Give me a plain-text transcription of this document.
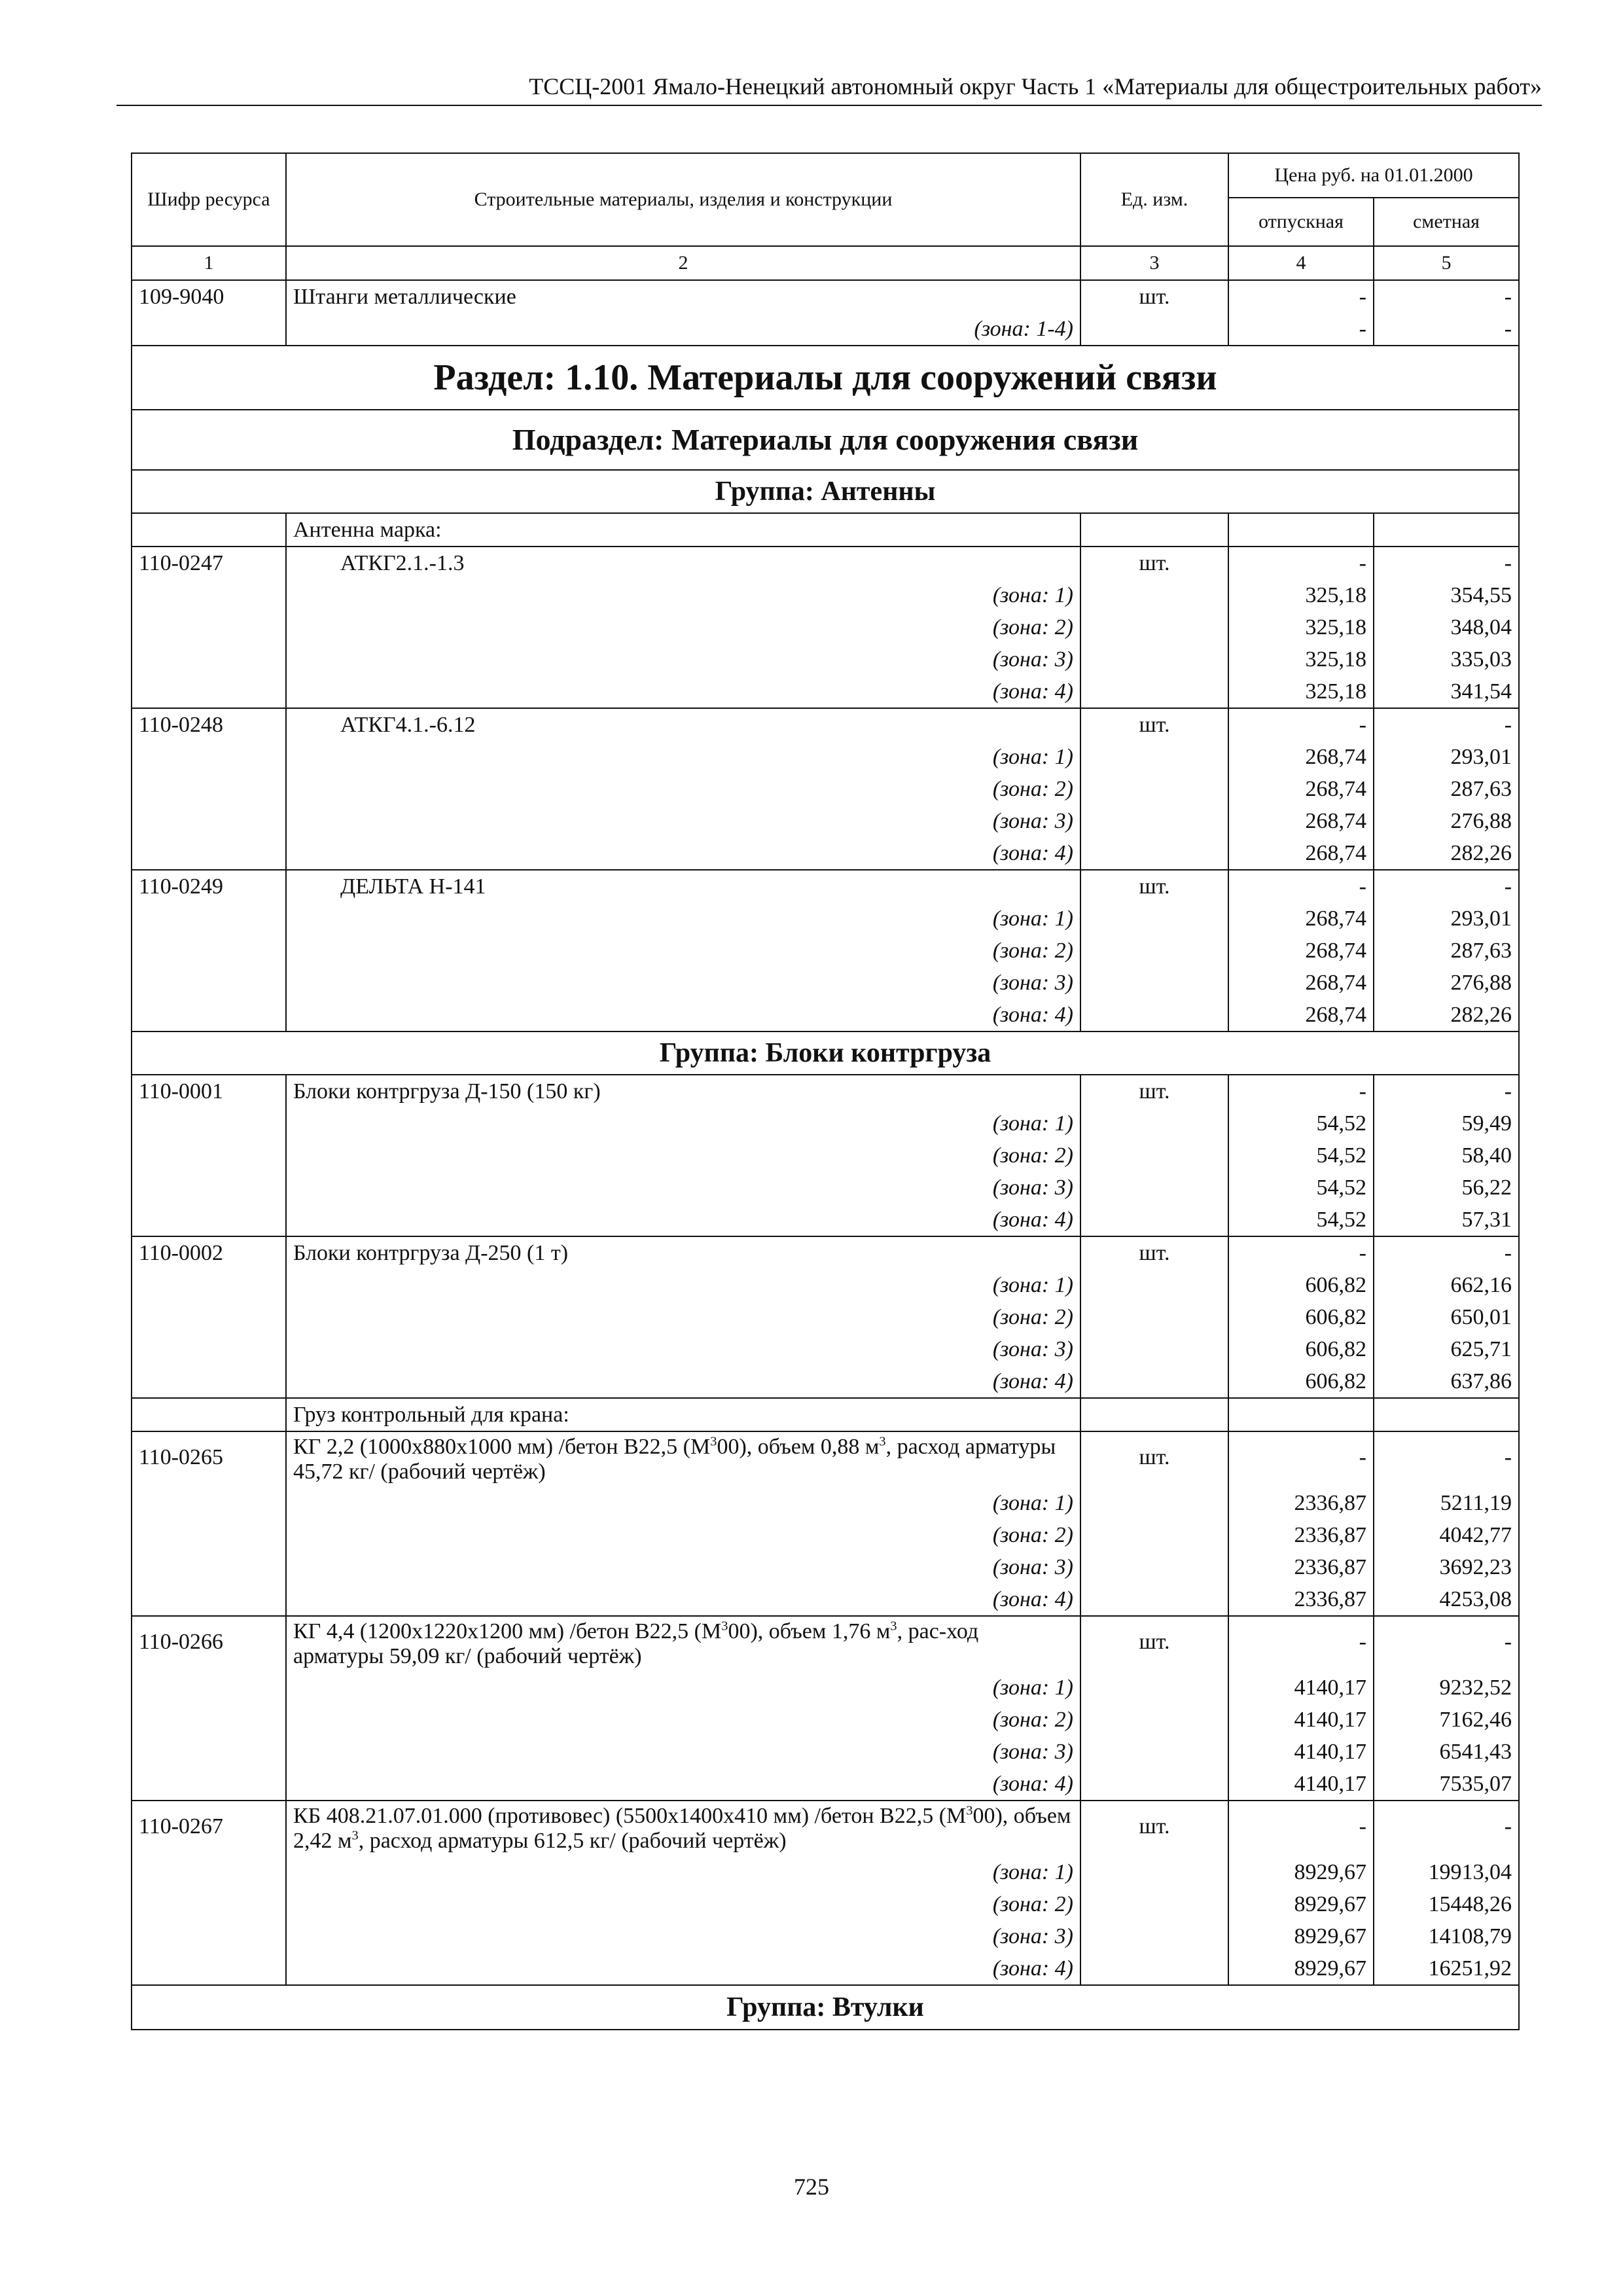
ТССЦ-2001 Ямало-Ненецкий автономный округ Часть 1 «Материалы для общестроительных работ»
Шифр ресурса	Строительные материалы, изделия и конструкции	Ед. изм.	Цена руб. на 01.01.2000	
			отпускная	сметная
1	2	3	4	5
109-9040	Штанги металлические	шт.	-	-
	(зона: 1-4)		-	-
Раздел: 1.10. Материалы для сооружений связи				
Подраздел: Материалы для сооружения связи				
Группа: Антенны				
	Антенна марка:			
110-0247	АТКГ2.1.-1.3	шт.	-	-
	(зона: 1)		325,18	354,55
	(зона: 2)		325,18	348,04
	(зона: 3)		325,18	335,03
	(зона: 4)		325,18	341,54
110-0248	АТКГ4.1.-6.12	шт.	-	-
	(зона: 1)		268,74	293,01
	(зона: 2)		268,74	287,63
	(зона: 3)		268,74	276,88
	(зона: 4)		268,74	282,26
110-0249	ДЕЛЬТА Н-141	шт.	-	-
	(зона: 1)		268,74	293,01
	(зона: 2)		268,74	287,63
	(зона: 3)		268,74	276,88
	(зона: 4)		268,74	282,26
Группа: Блоки контргруза				
110-0001	Блоки контргруза Д-150 (150 кг)	шт.	-	-
	(зона: 1)		54,52	59,49
	(зона: 2)		54,52	58,40
	(зона: 3)		54,52	56,22
	(зона: 4)		54,52	57,31
110-0002	Блоки контргруза Д-250 (1 т)	шт.	-	-
	(зона: 1)		606,82	662,16
	(зона: 2)		606,82	650,01
	(зона: 3)		606,82	625,71
	(зона: 4)		606,82	637,86
	Груз контрольный для крана:			
110-0265	КГ 2,2 (1000х880х1000 мм) /бетон В22,5 $(М^300)$, объем 0,88 $м^3$, расход арматуры 45,72 кг/ (рабочий чертёж)	шт.	-	-
	(зона: 1)		2336,87	5211,19
	(зона: 2)		2336,87	4042,77
	(зона: 3)		2336,87	3692,23
	(зона: 4)		2336,87	4253,08
110-0266	КГ 4,4 (1200х1220х1200 мм) /бетон В22,5 $(М^300)$, объем 1,76 $м^3$, рас-ход арматуры 59,09 кг/ (рабочий чертёж)	шт.	-	-
	(зона: 1)		4140,17	9232,52
	(зона: 2)		4140,17	7162,46
	(зона: 3)		4140,17	6541,43
	(зона: 4)		4140,17	7535,07
110-0267	КБ 408.21.07.01.000 (противовес) (5500х1400х410 мм) /бетон В22,5 $(М^300)$, объем 2,42 $м^3$, расход арматуры 612,5 кг/ (рабочий чертёж)	шт.	-	-
	(зона: 1)		8929,67	19913,04
	(зона: 2)		8929,67	15448,26
	(зона: 3)		8929,67	14108,79
	(зона: 4)		8929,67	16251,92
Группа: Втулки				
725
